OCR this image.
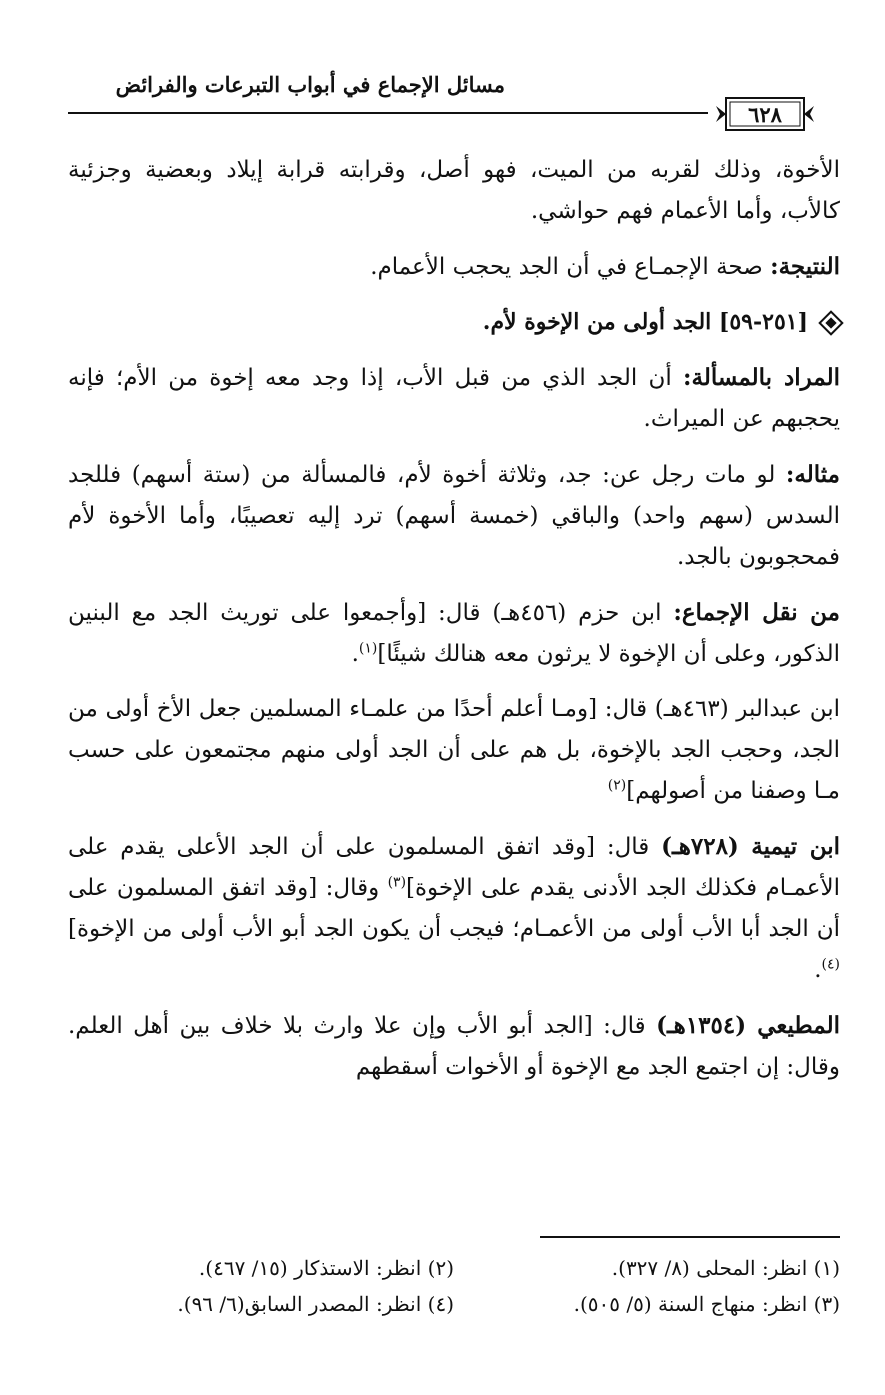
مسائل الإجماع في أبواب التبرعات والفرائض
٦٢٨

الأخوة، وذلك لقربه من الميت، فهو أصل، وقرابته قرابة إيلاد وبعضية وجزئية كالأب، وأما الأعمام فهم حواشي.

النتيجة: صحة الإجمـاع في أن الجد يحجب الأعمام.

[٢٥١-٥٩] الجد أولى من الإخوة لأم.

المراد بالمسألة: أن الجد الذي من قبل الأب، إذا وجد معه إخوة من الأم؛ فإنه يحجبهم عن الميراث.

مثاله: لو مات رجل عن: جد، وثلاثة أخوة لأم، فالمسألة من (ستة أسهم) فللجد السدس (سهم واحد) والباقي (خمسة أسهم) ترد إليه تعصيبًا، وأما الأخوة لأم فمحجوبون بالجد.

من نقل الإجماع: ابن حزم (٤٥٦هـ) قال: [وأجمعوا على توريث الجد مع البنين الذكور، وعلى أن الإخوة لا يرثون معه هنالك شيئًا]$^{(١)}$.

ابن عبدالبر (٤٦٣هـ) قال: [ومـا أعلم أحدًا من علمـاء المسلمين جعل الأخ أولى من الجد، وحجب الجد بالإخوة، بل هم على أن الجد أولى منهم مجتمعون على حسب مـا وصفنا من أصولهم]$^{(٢)}$

ابن تيمية (٧٢٨هـ) قال: [وقد اتفق المسلمون على أن الجد الأعلى يقدم على الأعمـام فكذلك الجد الأدنى يقدم على الإخوة]$^{(٣)}$ وقال: [وقد اتفق المسلمون على أن الجد أبا الأب أولى من الأعمـام؛ فيجب أن يكون الجد أبو الأب أولى من الإخوة]$^{(٤)}$.

المطيعي (١٣٥٤هـ) قال: [الجد أبو الأب وإن علا وارث بلا خلاف بين أهل العلم. وقال: إن اجتمع الجد مع الإخوة أو الأخوات أسقطهم

(١) انظر: المحلى (٨/ ٣٢٧).
(٢) انظر: الاستذكار (١٥/ ٤٦٧).
(٣) انظر: منهاج السنة (٥/ ٥٠٥).
(٤) انظر: المصدر السابق(٦/ ٩٦).
